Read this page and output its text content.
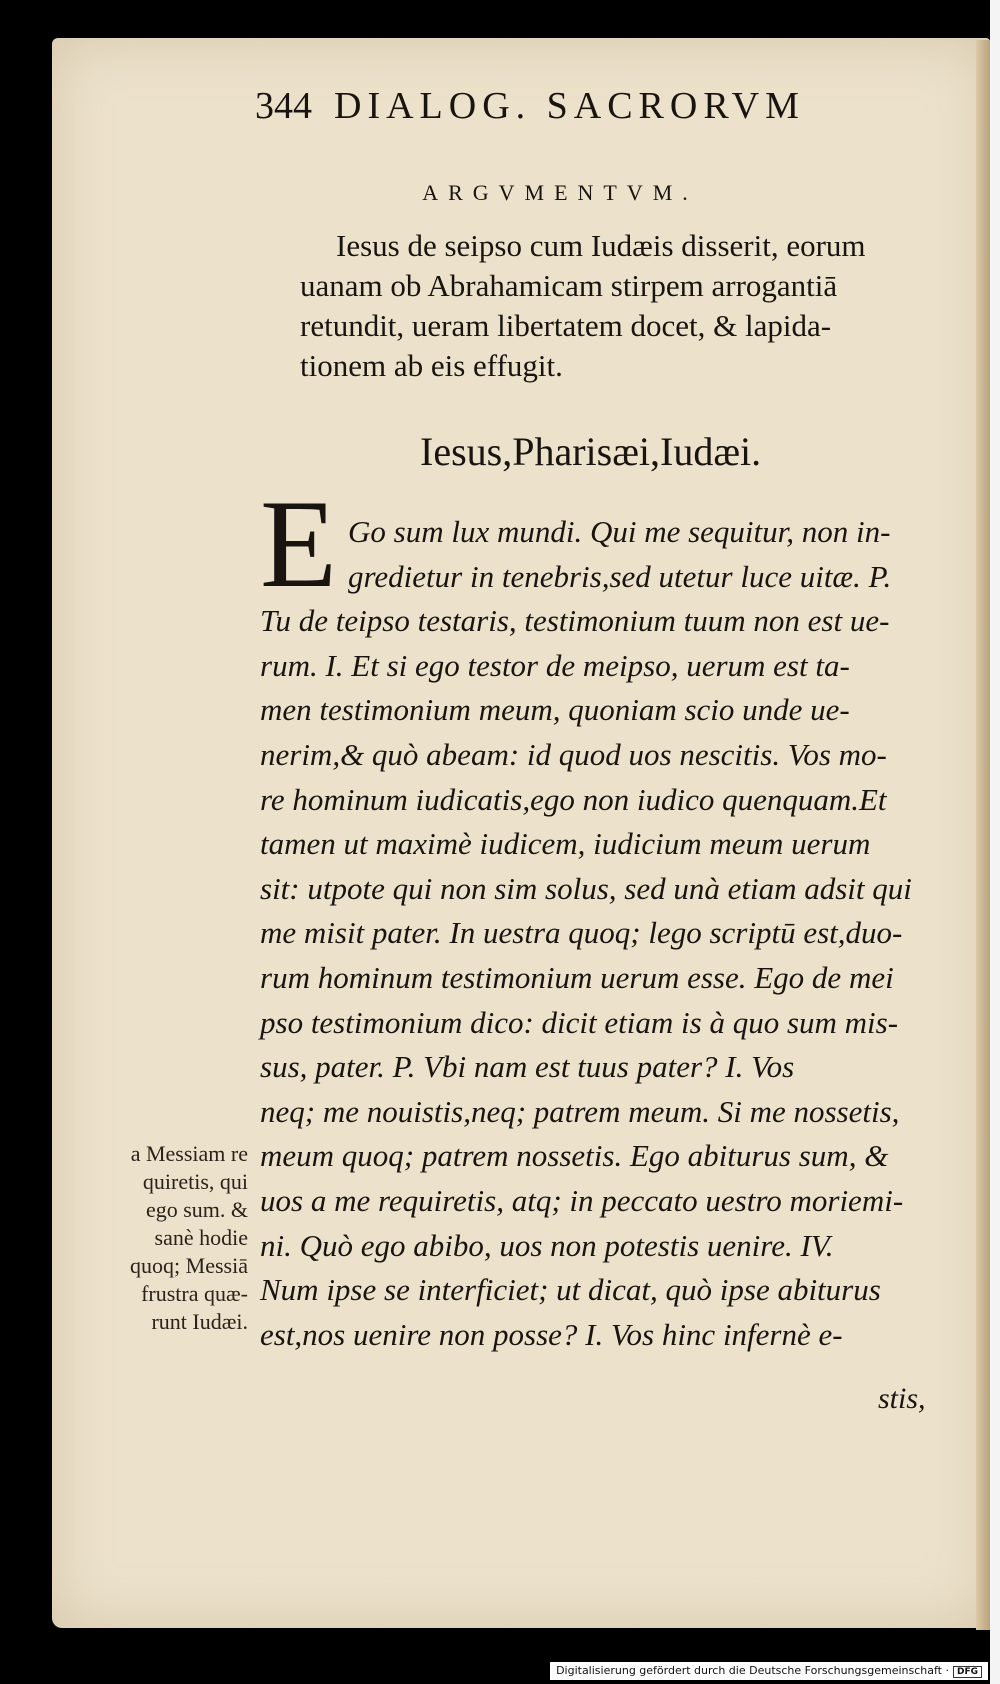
344 DIALOG. SACRORVM
ARGVMENTVM.
Iesus de seipso cum Iudæis disserit, eorum
uanam ob Abrahamicam stirpem arrogantiā
retundit, ueram libertatem docet, & lapida-
tionem ab eis effugit.
Iesus,Pharisæi,Iudæi.
E Go sum lux mundi. Qui me sequitur, non in-
gredietur in tenebris,sed utetur luce uitæ. P.
Tu de teipso testaris, testimonium tuum non est ue-
rum. I. Et si ego testor de meipso, uerum est ta-
men testimonium meum, quoniam scio unde ue-
nerim,& quò abeam: id quod uos nescitis. Vos mo-
re hominum iudicatis,ego non iudico quenquam.Et
tamen ut maximè iudicem, iudicium meum uerum
sit: utpote qui non sim solus, sed unà etiam adsit qui
me misit pater. In uestra quoq; lego scriptū est,duo-
rum hominum testimonium uerum esse. Ego de mei
pso testimonium dico: dicit etiam is à quo sum mis-
sus, pater. P. Vbi nam est tuus pater? I. Vos
neq; me nouistis,neq; patrem meum. Si me nossetis,
meum quoq; patrem nossetis. Ego abiturus sum, &
uos a me requiretis, atq; in peccato uestro moriemi-
ni. Quò ego abibo, uos non potestis uenire. IV.
Num ipse se interficiet; ut dicat, quò ipse abiturus
est,nos uenire non posse? I. Vos hinc infernè e-
stis,
a Messiam re
quiretis, qui
ego sum. &
sanè hodie
quoq; Messiā
frustra quæ-
runt Iudæi.
Digitalisierung gefördert durch die Deutsche Forschungsgemeinschaft · DFG
